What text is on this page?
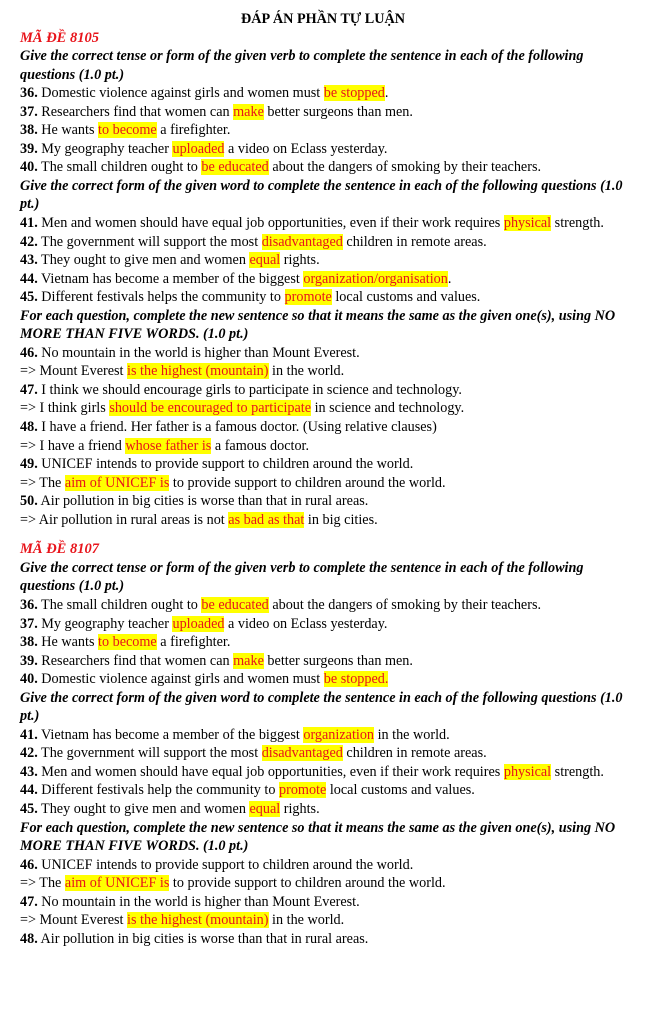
ĐÁP ÁN PHẦN TỰ LUẬN
MÃ ĐỀ 8105
Give the correct tense or form of the given verb to complete the sentence in each of the following questions (1.0 pt.)
36. Domestic violence against girls and women must be stopped.
37. Researchers find that women can make better surgeons than men.
38. He wants to become a firefighter.
39. My geography teacher uploaded a video on Eclass yesterday.
40. The small children ought to be educated about the dangers of smoking by their teachers.
Give the correct form of the given word to complete the sentence in each of the following questions (1.0 pt.)
41. Men and women should have equal job opportunities, even if their work requires physical strength.
42. The government will support the most disadvantaged children in remote areas.
43. They ought to give men and women equal rights.
44. Vietnam has become a member of the biggest organization/organisation.
45. Different festivals helps the community to promote local customs and values.
For each question, complete the new sentence so that it means the same as the given one(s), using NO MORE THAN FIVE WORDS. (1.0 pt.)
46. No mountain in the world is higher than Mount Everest.
=> Mount Everest is the highest (mountain) in the world.
47. I think we should encourage girls to participate in science and technology.
=> I think girls should be encouraged to participate in science and technology.
48. I have a friend. Her father is a famous doctor. (Using relative clauses)
=> I have a friend whose father is a famous doctor.
49. UNICEF intends to provide support to children around the world.
=> The aim of UNICEF is to provide support to children around the world.
50. Air pollution in big cities is worse than that in rural areas.
=> Air pollution in rural areas is not as bad as that in big cities.
MÃ ĐỀ 8107
Give the correct tense or form of the given verb to complete the sentence in each of the following questions (1.0 pt.)
36. The small children ought to be educated about the dangers of smoking by their teachers.
37. My geography teacher uploaded a video on Eclass yesterday.
38. He wants to become a firefighter.
39. Researchers find that women can make better surgeons than men.
40. Domestic violence against girls and women must be stopped.
Give the correct form of the given word to complete the sentence in each of the following questions (1.0 pt.)
41. Vietnam has become a member of the biggest organization in the world.
42. The government will support the most disadvantaged children in remote areas.
43. Men and women should have equal job opportunities, even if their work requires physical strength.
44. Different festivals help the community to promote local customs and values.
45. They ought to give men and women equal rights.
For each question, complete the new sentence so that it means the same as the given one(s), using NO MORE THAN FIVE WORDS. (1.0 pt.)
46. UNICEF intends to provide support to children around the world.
=> The aim of UNICEF is to provide support to children around the world.
47. No mountain in the world is higher than Mount Everest.
=> Mount Everest is the highest (mountain) in the world.
48. Air pollution in big cities is worse than that in rural areas.
